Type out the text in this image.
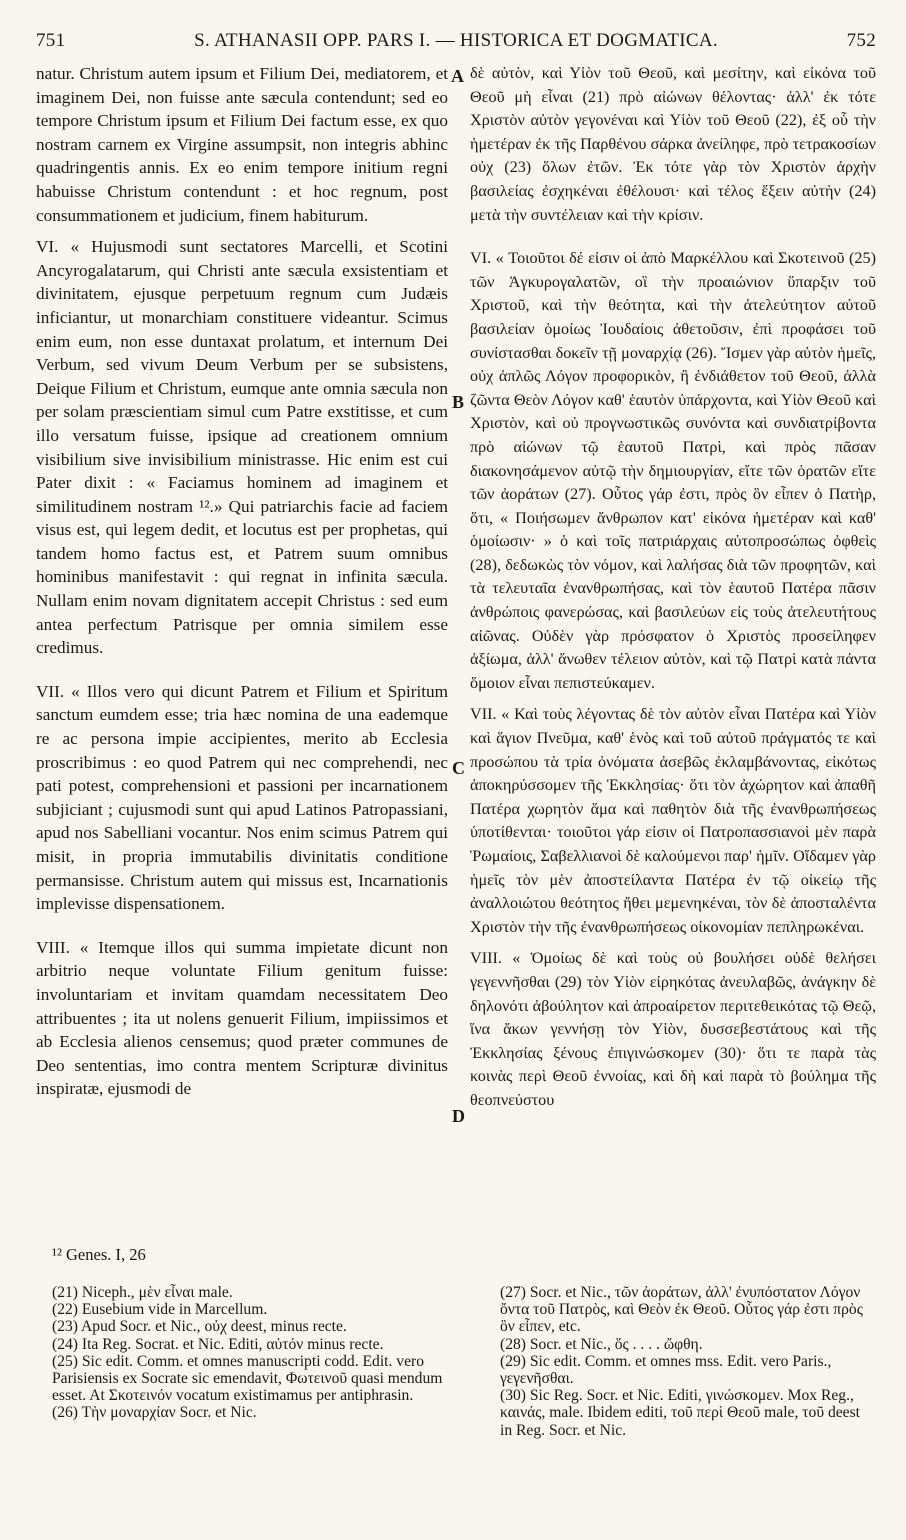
751	S. ATHANASII OPP. PARS I. — HISTORICA ET DOGMATICA.	752

natur. Christum autem ipsum et Filium Dei, mediatorem, et imaginem Dei, non fuisse ante sæcula contendunt; sed eo tempore Christum ipsum et Filium Dei factum esse, ex quo nostram carnem ex Virgine assumpsit, non integris abhinc quadringentis annis. Ex eo enim tempore initium regni habuisse Christum contendunt : et hoc regnum, post consummationem et judicium, finem habiturum.

VI. « Hujusmodi sunt sectatores Marcelli, et Scotini Ancyrogalatarum, qui Christi ante sæcula exsistentiam et divinitatem, ejusque perpetuum regnum cum Judæis inficiantur, ut monarchiam constituere videantur. Scimus enim eum, non esse duntaxat prolatum, et internum Dei Verbum, sed vivum Deum Verbum per se subsistens, Deique Filium et Christum, eumque ante omnia sæcula non per solam præscientiam simul cum Patre exstitisse, et cum illo versatum fuisse, ipsique ad creationem omnium visibilium sive invisibilium ministrasse. Hic enim est cui Pater dixit : « Faciamus hominem ad imaginem et similitudinem nostram ¹².» Qui patriarchis facie ad faciem visus est, qui legem dedit, et locutus est per prophetas, qui tandem homo factus est, et Patrem suum omnibus hominibus manifestavit : qui regnat in infinita sæcula. Nullam enim novam dignitatem accepit Christus : sed eum antea perfectum Patrisque per omnia similem esse credimus.

VII. « Illos vero qui dicunt Patrem et Filium et Spiritum sanctum eumdem esse; tria hæc nomina de una eademque re ac persona impie accipientes, merito ab Ecclesia proscribimus : eo quod Patrem qui nec comprehendi, nec pati potest, comprehensioni et passioni per incarnationem subjiciant ; cujusmodi sunt qui apud Latinos Patropassiani, apud nos Sabelliani vocantur. Nos enim scimus Patrem qui misit, in propria immutabilis divinitatis conditione permansisse. Christum autem qui missus est, Incarnationis implevisse dispensationem.

VIII. « Itemque illos qui summa impietate dicunt non arbitrio neque voluntate Filium genitum fuisse: involuntariam et invitam quamdam necessitatem Deo attribuentes ; ita ut nolens genuerit Filium, impiissimos et ab Ecclesia alienos censemus; quod præter communes de Deo sententias, imo contra mentem Scripturæ divinitus inspiratæ, ejusmodi de

A
B
C
D

δὲ αὐτὸν, καὶ Υἱὸν τοῦ Θεοῦ, καὶ μεσίτην, καὶ εἰκόνα τοῦ Θεοῦ μὴ εἶναι (21) πρὸ αἰώνων θέλοντας· ἀλλ' ἐκ τότε Χριστὸν αὐτὸν γεγονέναι καὶ Υἱὸν τοῦ Θεοῦ (22), ἐξ οὗ τὴν ἡμετέραν ἐκ τῆς Παρθένου σάρκα ἀνείληφε, πρὸ τετρακοσίων οὐχ (23) ὅλων ἐτῶν. Ἐκ τότε γὰρ τὸν Χριστὸν ἀρχὴν βασιλείας ἐσχηκέναι ἐθέλουσι· καὶ τέλος ἕξειν αὐτὴν (24) μετὰ τὴν συντέλειαν καὶ τὴν κρίσιν.

VI. « Τοιοῦτοι δέ εἰσιν οἱ ἀπὸ Μαρκέλλου καὶ Σκοτεινοῦ (25) τῶν Ἀγκυρογαλατῶν, οἳ τὴν προαιώνιον ὕπαρξιν τοῦ Χριστοῦ, καὶ τὴν θεότητα, καὶ τὴν ἀτελεύτητον αὐτοῦ βασιλείαν ὁμοίως Ἰουδαίοις ἀθετοῦσιν, ἐπὶ προφάσει τοῦ συνίστασθαι δοκεῖν τῇ μοναρχίᾳ (26). Ἴσμεν γὰρ αὐτὸν ἡμεῖς, οὐχ ἁπλῶς Λόγον προφορικὸν, ἢ ἐνδιάθετον τοῦ Θεοῦ, ἀλλὰ ζῶντα Θεὸν Λόγον καθ' ἑαυτὸν ὑπάρχοντα, καὶ Υἱὸν Θεοῦ καὶ Χριστὸν, καὶ οὐ προγνωστικῶς συνόντα καὶ συνδιατρίβοντα πρὸ αἰώνων τῷ ἑαυτοῦ Πατρὶ, καὶ πρὸς πᾶσαν διακονησάμενον αὐτῷ τὴν δημιουργίαν, εἴτε τῶν ὁρατῶν εἴτε τῶν ἀοράτων (27). Οὗτος γάρ ἐστι, πρὸς ὃν εἶπεν ὁ Πατὴρ, ὅτι, « Ποιήσωμεν ἄνθρωπον κατ' εἰκόνα ἡμετέραν καὶ καθ' ὁμοίωσιν· » ὁ καὶ τοῖς πατριάρχαις αὐτοπροσώπως ὀφθεὶς (28), δεδωκὼς τὸν νόμον, καὶ λαλήσας διὰ τῶν προφητῶν, καὶ τὰ τελευταῖα ἐνανθρωπήσας, καὶ τὸν ἑαυτοῦ Πατέρα πᾶσιν ἀνθρώποις φανερώσας, καὶ βασιλεύων εἰς τοὺς ἀτελευτήτους αἰῶνας. Οὐδὲν γὰρ πρόσφατον ὁ Χριστὸς προσείληφεν ἀξίωμα, ἀλλ' ἄνωθεν τέλειον αὐτὸν, καὶ τῷ Πατρὶ κατὰ πάντα ὅμοιον εἶναι πεπιστεύκαμεν.

VII. « Καὶ τοὺς λέγοντας δὲ τὸν αὐτὸν εἶναι Πατέρα καὶ Υἱὸν καὶ ἅγιον Πνεῦμα, καθ' ἑνὸς καὶ τοῦ αὐτοῦ πράγματός τε καὶ προσώπου τὰ τρία ὀνόματα ἀσεβῶς ἐκλαμβάνοντας, εἰκότως ἀποκηρύσσομεν τῆς Ἐκκλησίας· ὅτι τὸν ἀχώρητον καὶ ἀπαθῆ Πατέρα χωρητὸν ἅμα καὶ παθητὸν διὰ τῆς ἐνανθρωπήσεως ὑποτίθενται· τοιοῦτοι γάρ εἰσιν οἱ Πατροπασσιανοὶ μὲν παρὰ Ῥωμαίοις, Σαβελλιανοὶ δὲ καλούμενοι παρ' ἡμῖν. Οἴδαμεν γὰρ ἡμεῖς τὸν μὲν ἀποστείλαντα Πατέρα ἐν τῷ οἰκείῳ τῆς ἀναλλοιώτου θεότητος ἤθει μεμενηκέναι, τὸν δὲ ἀποσταλέντα Χριστὸν τὴν τῆς ἐνανθρωπήσεως οἰκονομίαν πεπληρωκέναι.

VIII. « Ὁμοίως δὲ καὶ τοὺς οὐ βουλήσει οὐδὲ θελήσει γεγεννῆσθαι (29) τὸν Υἱὸν εἰρηκότας ἀνευλαβῶς, ἀνάγκην δὲ δηλονότι ἀβούλητον καὶ ἀπροαίρετον περιτεθεικότας τῷ Θεῷ, ἵνα ἄκων γεννήσῃ τὸν Υἱὸν, δυσσεβεστάτους καὶ τῆς Ἐκκλησίας ξένους ἐπιγινώσκομεν (30)· ὅτι τε παρὰ τὰς κοινὰς περὶ Θεοῦ ἐννοίας, καὶ δὴ καὶ παρὰ τὸ βούλημα τῆς θεοπνεύστου

¹² Genes. I, 26

(21) Niceph., μὲν εἶναι male.

(22) Eusebium vide in Marcellum.

(23) Apud Socr. et Nic., οὐχ deest, minus recte.

(24) Ita Reg. Socrat. et Nic. Editi, αὐτόν minus recte.

(25) Sic edit. Comm. et omnes manuscripti codd. Edit. vero Parisiensis ex Socrate sic emendavit, Φωτεινοῦ quasi mendum esset. At Σκοτεινόν vocatum existimamus per antiphrasin.

(26) Τὴν μοναρχίαν Socr. et Nic.

(27) Socr. et Nic., τῶν ἀοράτων, ἀλλ' ἐνυπόστατον Λόγον ὄντα τοῦ Πατρὸς, καὶ Θεὸν ἐκ Θεοῦ. Οὗτος γάρ ἐστι πρὸς ὃν εἶπεν, etc.

(28) Socr. et Nic., ὅς . . . . ὤφθη.

(29) Sic edit. Comm. et omnes mss. Edit. vero Paris., γεγενῆσθαι.

(30) Sic Reg. Socr. et Nic. Editi, γινώσκομεν. Mox Reg., καινάς, male. Ibidem editi, τοῦ περὶ Θεοῦ male, τοῦ deest in Reg. Socr. et Nic.
